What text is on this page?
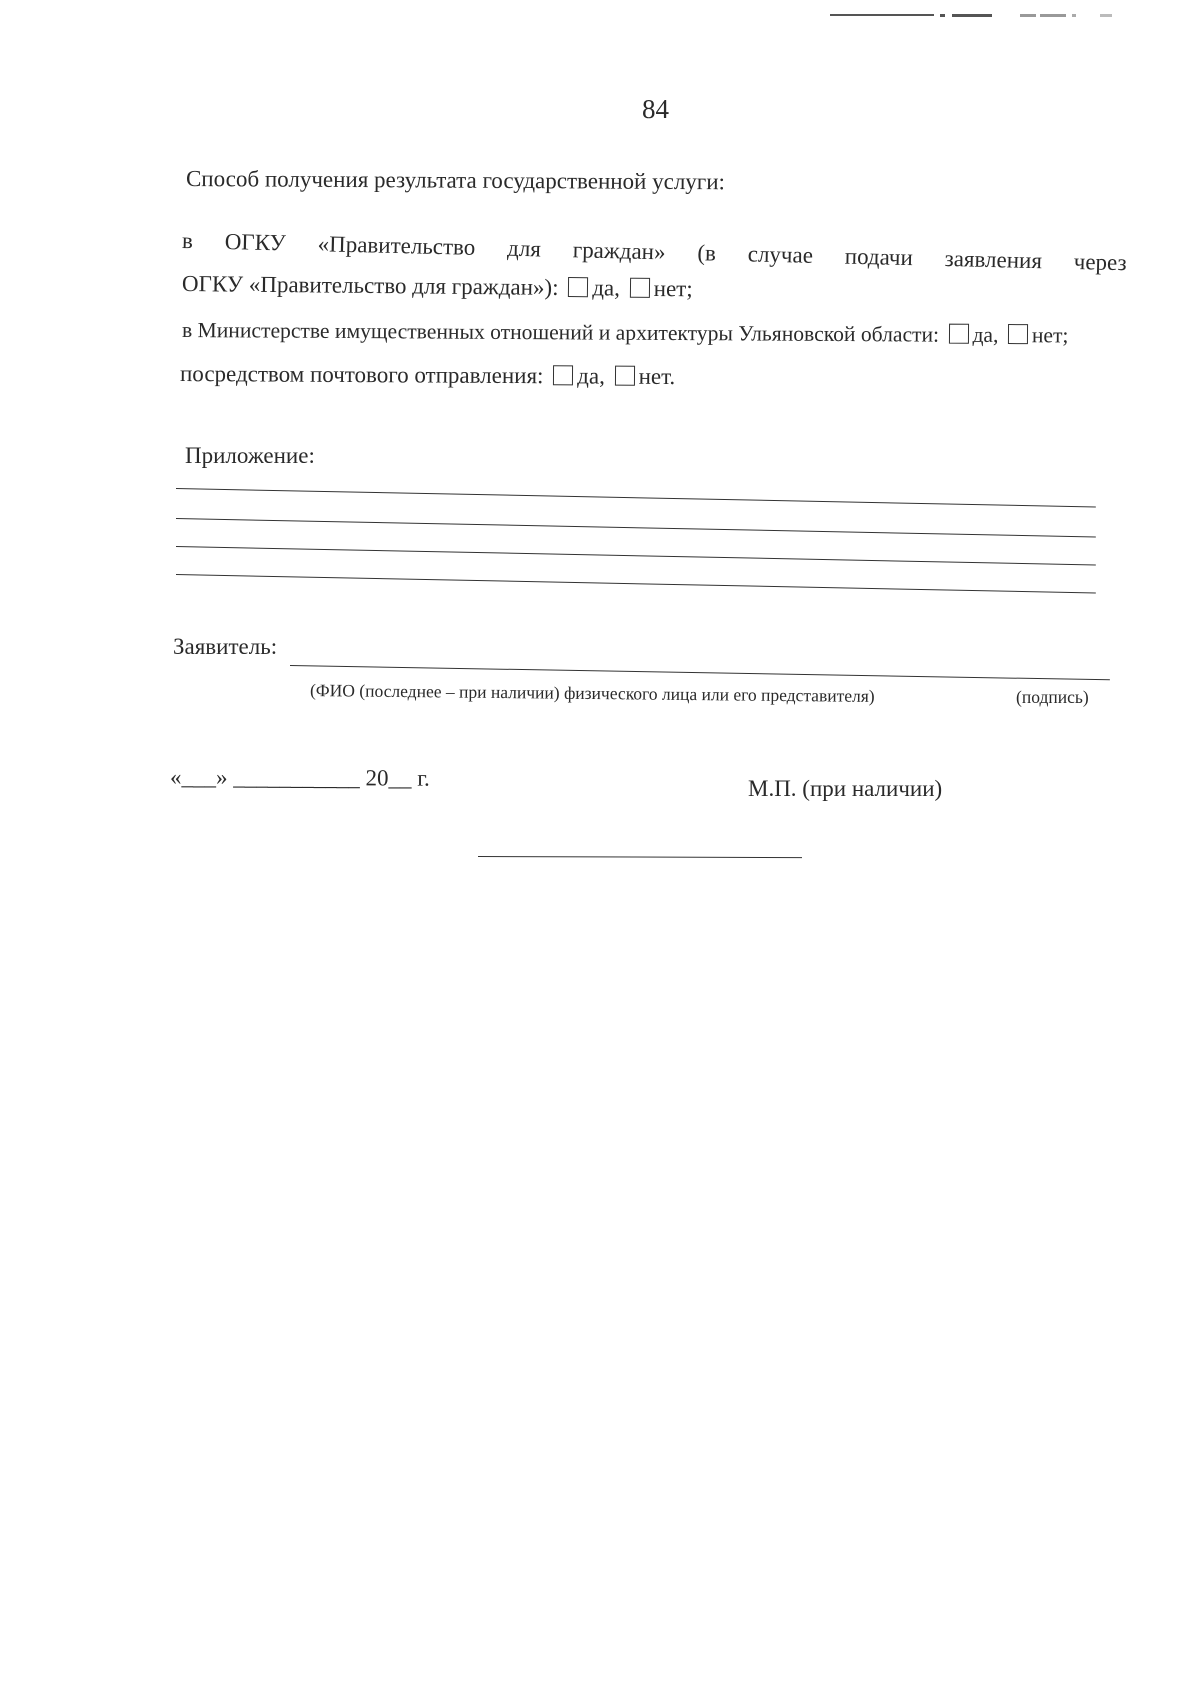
84
Способ получения результата государственной услуги:
в ОГКУ «Правительство для граждан» (в случае подачи заявления через
ОГКУ «Правительство для граждан»): да, нет;
в Министерстве имущественных отношений и архитектуры Ульяновской области: да, нет;
посредством почтового отправления: да, нет.
Приложение:
Заявитель:
(ФИО (последнее – при наличии) физического лица или его представителя)	(подпись)
«___» ___________ 20__ г.	М.П. (при наличии)
